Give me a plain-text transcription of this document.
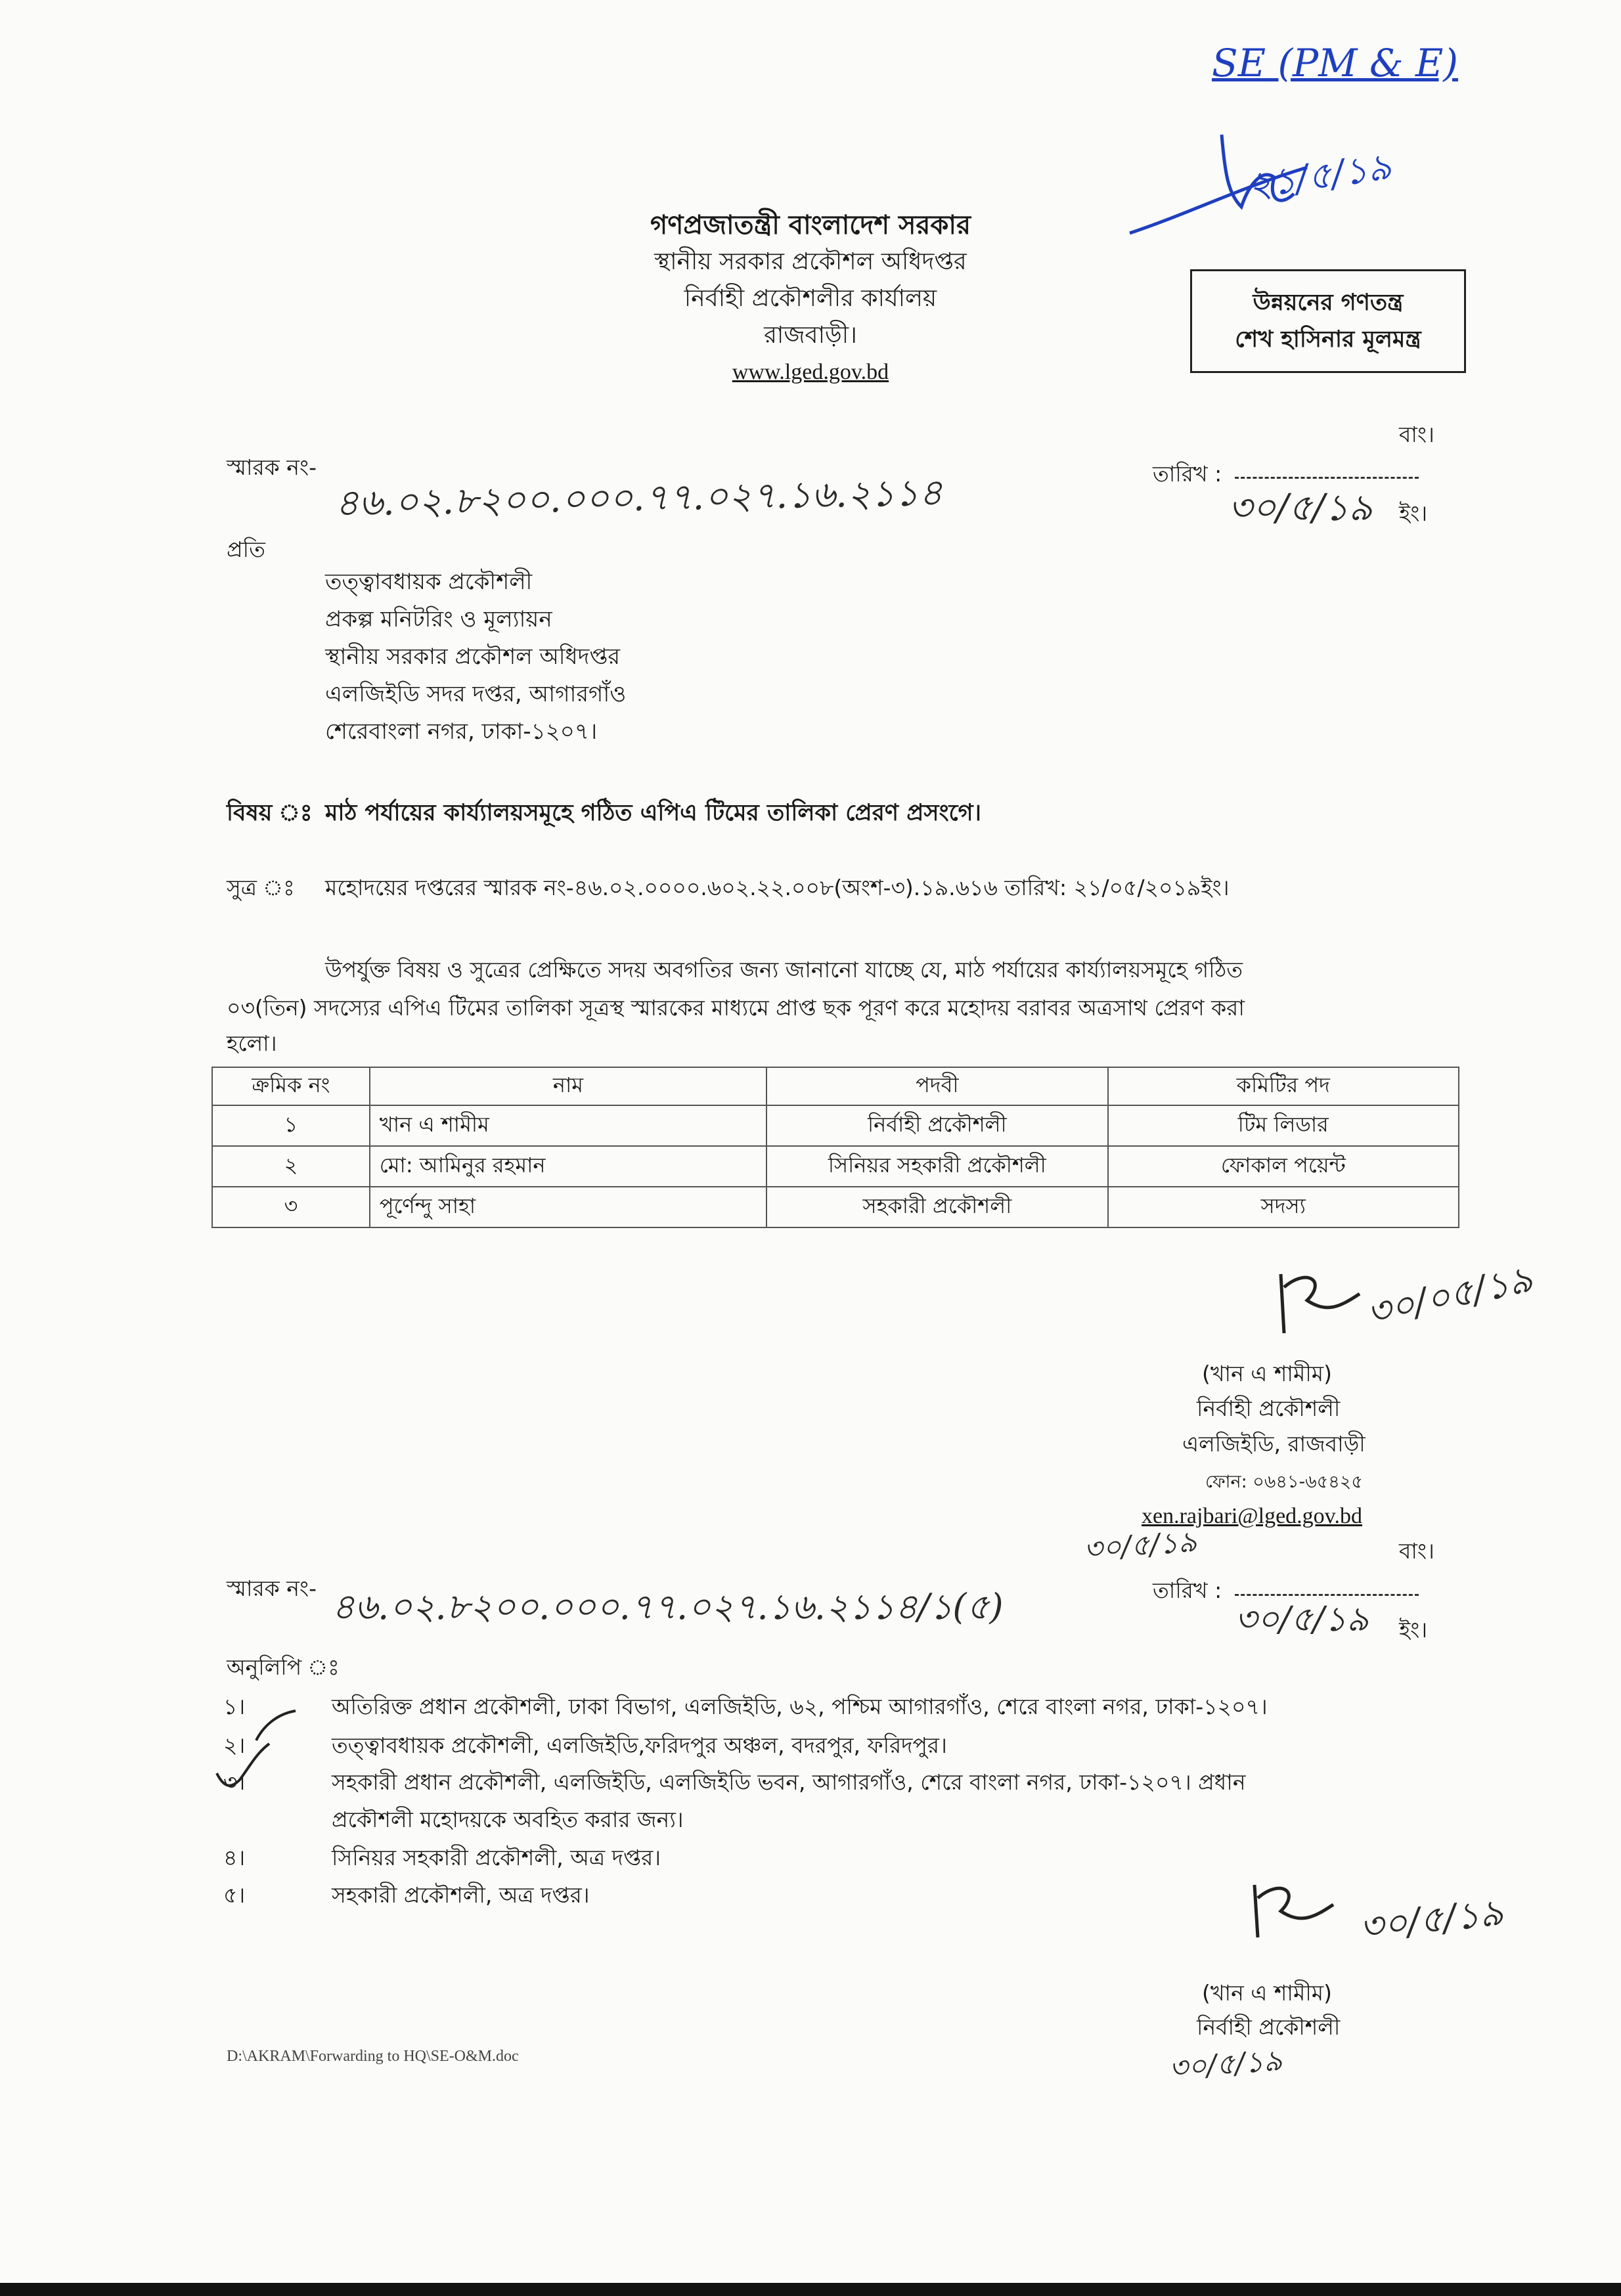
SE (PM & E)
২১/৫/১৯
গণপ্রজাতন্ত্রী বাংলাদেশ সরকার
স্থানীয় সরকার প্রকৌশল অধিদপ্তর
নির্বাহী প্রকৌশলীর কার্যালয়
রাজবাড়ী।
www.lged.gov.bd
উন্নয়নের গণতন্ত্র
শেখ হাসিনার মূলমন্ত্র
বাং।
স্মারক নং-
৪৬.০২.৮২০০.০০০.৭৭.০২৭.১৬.২১১৪	তারিখ :
৩০/৫/১৯ ইং।
প্রতি
তত্ত্বাবধায়ক প্রকৌশলী
প্রকল্প মনিটরিং ও মূল্যায়ন
স্থানীয় সরকার প্রকৌশল অধিদপ্তর
এলজিইডি সদর দপ্তর, আগারগাঁও
শেরেবাংলা নগর, ঢাকা-১২০৭।
বিষয় ঃ মাঠ পর্যায়ের কার্য্যালয়সমূহে গঠিত এপিএ টিমের তালিকা প্রেরণ প্রসংগে।
সুত্র ঃ মহোদয়ের দপ্তরের স্মারক নং-৪৬.০২.০০০০.৬০২.২২.০০৮(অংশ-৩).১৯.৬১৬ তারিখ: ২১/০৫/২০১৯ইং।
উপর্যুক্ত বিষয় ও সুত্রের প্রেক্ষিতে সদয় অবগতির জন্য জানানো যাচ্ছে যে, মাঠ পর্যায়ের কার্য্যালয়সমূহে গঠিত
০৩(তিন) সদস্যের এপিএ টিমের তালিকা সূত্রস্থ স্মারকের মাধ্যমে প্রাপ্ত ছক পূরণ করে মহোদয় বরাবর অত্রসাথ প্রেরণ করা
হলো।
ক্রমিক নং	নাম	পদবী	কমিটির পদ
১	খান এ শামীম	নির্বাহী প্রকৌশলী	টিম লিডার
২	মো: আমিনুর রহমান	সিনিয়র সহকারী প্রকৌশলী	ফোকাল পয়েন্ট
৩	পূর্ণেন্দু সাহা	সহকারী প্রকৌশলী	সদস্য
৩০/০৫/১৯
(খান এ শামীম)
নির্বাহী প্রকৌশলী
এলজিইডি, রাজবাড়ী
ফোন: ০৬৪১-৬৫৪২৫
xen.rajbari@lged.gov.bd
বাং।
৩০/৫/১৯
স্মারক নং- ৪৬.০২.৮২০০.০০০.৭৭.০২৭.১৬.২১১৪/১(৫)	তারিখ :
৩০/৫/১৯ ইং।
অনুলিপি ঃ
১।	অতিরিক্ত প্রধান প্রকৌশলী, ঢাকা বিভাগ, এলজিইডি, ৬২, পশ্চিম আগারগাঁও, শেরে বাংলা নগর, ঢাকা-১২০৭।
২।	তত্ত্বাবধায়ক প্রকৌশলী, এলজিইডি,ফরিদপুর অঞ্চল, বদরপুর, ফরিদপুর।
৩।	সহকারী প্রধান প্রকৌশলী, এলজিইডি, এলজিইডি ভবন, আগারগাঁও, শেরে বাংলা নগর, ঢাকা-১২০৭। প্রধান
প্রকৌশলী মহোদয়কে অবহিত করার জন্য।
৪।	সিনিয়র সহকারী প্রকৌশলী, অত্র দপ্তর।
৫।	সহকারী প্রকৌশলী, অত্র দপ্তর।	৩০/৫/১৯
(খান এ শামীম)
নির্বাহী প্রকৌশলী
৩০/৫/১৯
D:\AKRAM\Forwarding to HQ\SE-O&M.doc
